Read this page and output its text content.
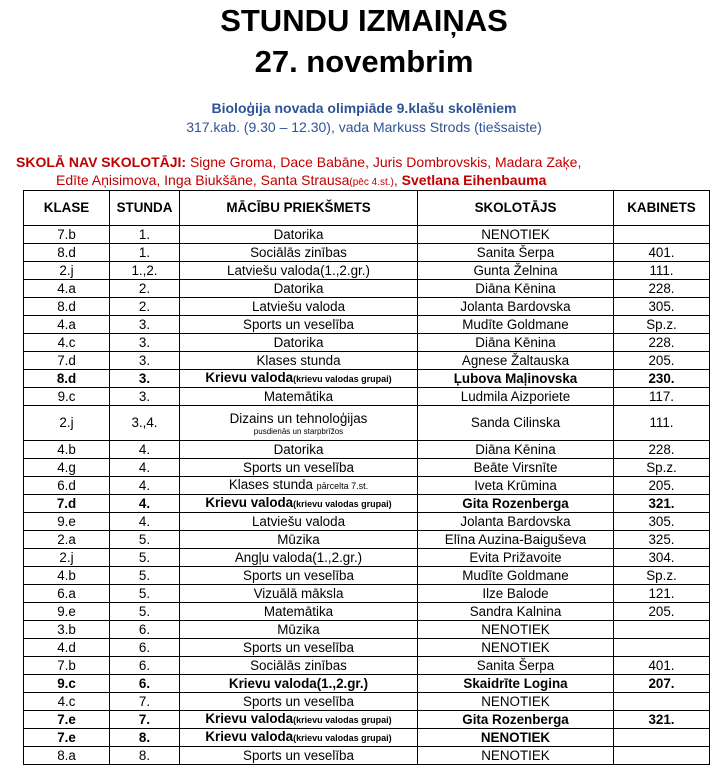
STUNDU IZMAIŅAS
27. novembrim
Bioloģija novada olimpiāde 9.klašu skolēniem
317.kab. (9.30 – 12.30), vada Markuss Strods (tiešsaiste)
SKOLĀ NAV SKOLOTĀJI: Signe Groma, Dace Babāne, Juris Dombrovskis, Madara Zaķe,
Edīte Aņisimova, Inga Biukšāne, Santa Strausa(pēc 4.st.), Svetlana Eihenbauma
KLASE	STUNDA	MĀCĪBU PRIEKŠMETS	SKOLOTĀJS	KABINETS
7.b	1.	Datorika	NENOTIEK	
8.d	1.	Sociālās zinības	Sanita Šerpa	401.
2.j	1.,2.	Latviešu valoda(1.,2.gr.)	Gunta Želnina	111.
4.a	2.	Datorika	Diāna Kēnina	228.
8.d	2.	Latviešu valoda	Jolanta Bardovska	305.
4.a	3.	Sports un veselība	Mudīte Goldmane	Sp.z.
4.c	3.	Datorika	Diāna Kēnina	228.
7.d	3.	Klases stunda	Agnese Žaltauska	205.
8.d	3.	Krievu valoda(krievu valodas grupai)	Ļubova Maļinovska	230.
9.c	3.	Matemātika	Ludmila Aizporiete	117.
2.j	3.,4.	Dizains un tehnoloģijas
pusdienās un starpbrīžos	Sanda Cilinska	111.
4.b	4.	Datorika	Diāna Kēnina	228.
4.g	4.	Sports un veselība	Beāte Virsnīte	Sp.z.
6.d	4.	Klases stunda pārcelta 7.st.	Iveta Krūmina	205.
7.d	4.	Krievu valoda(krievu valodas grupai)	Gita Rozenberga	321.
9.e	4.	Latviešu valoda	Jolanta Bardovska	305.
2.a	5.	Mūzika	Elīna Auzina-Baiguševa	325.
2.j	5.	Angļu valoda(1.,2.gr.)	Evita Prižavoite	304.
4.b	5.	Sports un veselība	Mudīte Goldmane	Sp.z.
6.a	5.	Vizuālā māksla	Ilze Balode	121.
9.e	5.	Matemātika	Sandra Kalnina	205.
3.b	6.	Mūzika	NENOTIEK	
4.d	6.	Sports un veselība	NENOTIEK	
7.b	6.	Sociālās zinības	Sanita Šerpa	401.
9.c	6.	Krievu valoda(1.,2.gr.)	Skaidrīte Logina	207.
4.c	7.	Sports un veselība	NENOTIEK	
7.e	7.	Krievu valoda(krievu valodas grupai)	Gita Rozenberga	321.
7.e	8.	Krievu valoda(krievu valodas grupai)	NENOTIEK	
8.a	8.	Sports un veselība	NENOTIEK	
